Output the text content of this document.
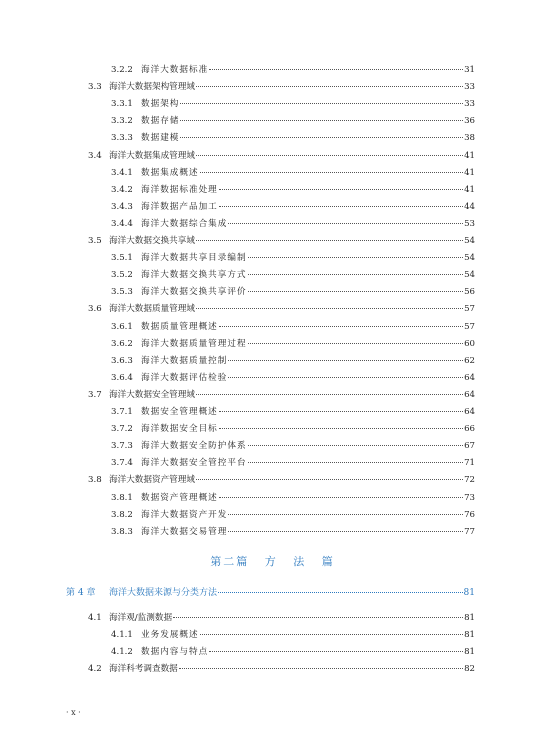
3.2.2 海洋大数据标准	31
3.3 海洋大数据架构管理域	33
3.3.1 数据架构	33
3.3.2 数据存储	36
3.3.3 数据建模	38
3.4 海洋大数据集成管理域	41
3.4.1 数据集成概述	41
3.4.2 海洋数据标准处理	41
3.4.3 海洋数据产品加工	44
3.4.4 海洋大数据综合集成	53
3.5 海洋大数据交换共享域	54
3.5.1 海洋大数据共享目录编制	54
3.5.2 海洋大数据交换共享方式	54
3.5.3 海洋大数据交换共享评价	56
3.6 海洋大数据质量管理域	57
3.6.1 数据质量管理概述	57
3.6.2 海洋大数据质量管理过程	60
3.6.3 海洋大数据质量控制	62
3.6.4 海洋大数据评估检验	64
3.7 海洋大数据安全管理域	64
3.7.1 数据安全管理概述	64
3.7.2 海洋数据安全目标	66
3.7.3 海洋大数据安全防护体系	67
3.7.4 海洋大数据安全管控平台	71
3.8 海洋大数据资产管理域	72
3.8.1 数据资产管理概述	73
3.8.2 海洋大数据资产开发	76
3.8.3 海洋大数据交易管理	77
第二篇 方 法 篇
第 4 章	海洋大数据来源与分类方法	81
4.1 海洋观/监测数据	81
4.1.1 业务发展概述	81
4.1.2 数据内容与特点	81
4.2 海洋科考调查数据	82
· x ·
